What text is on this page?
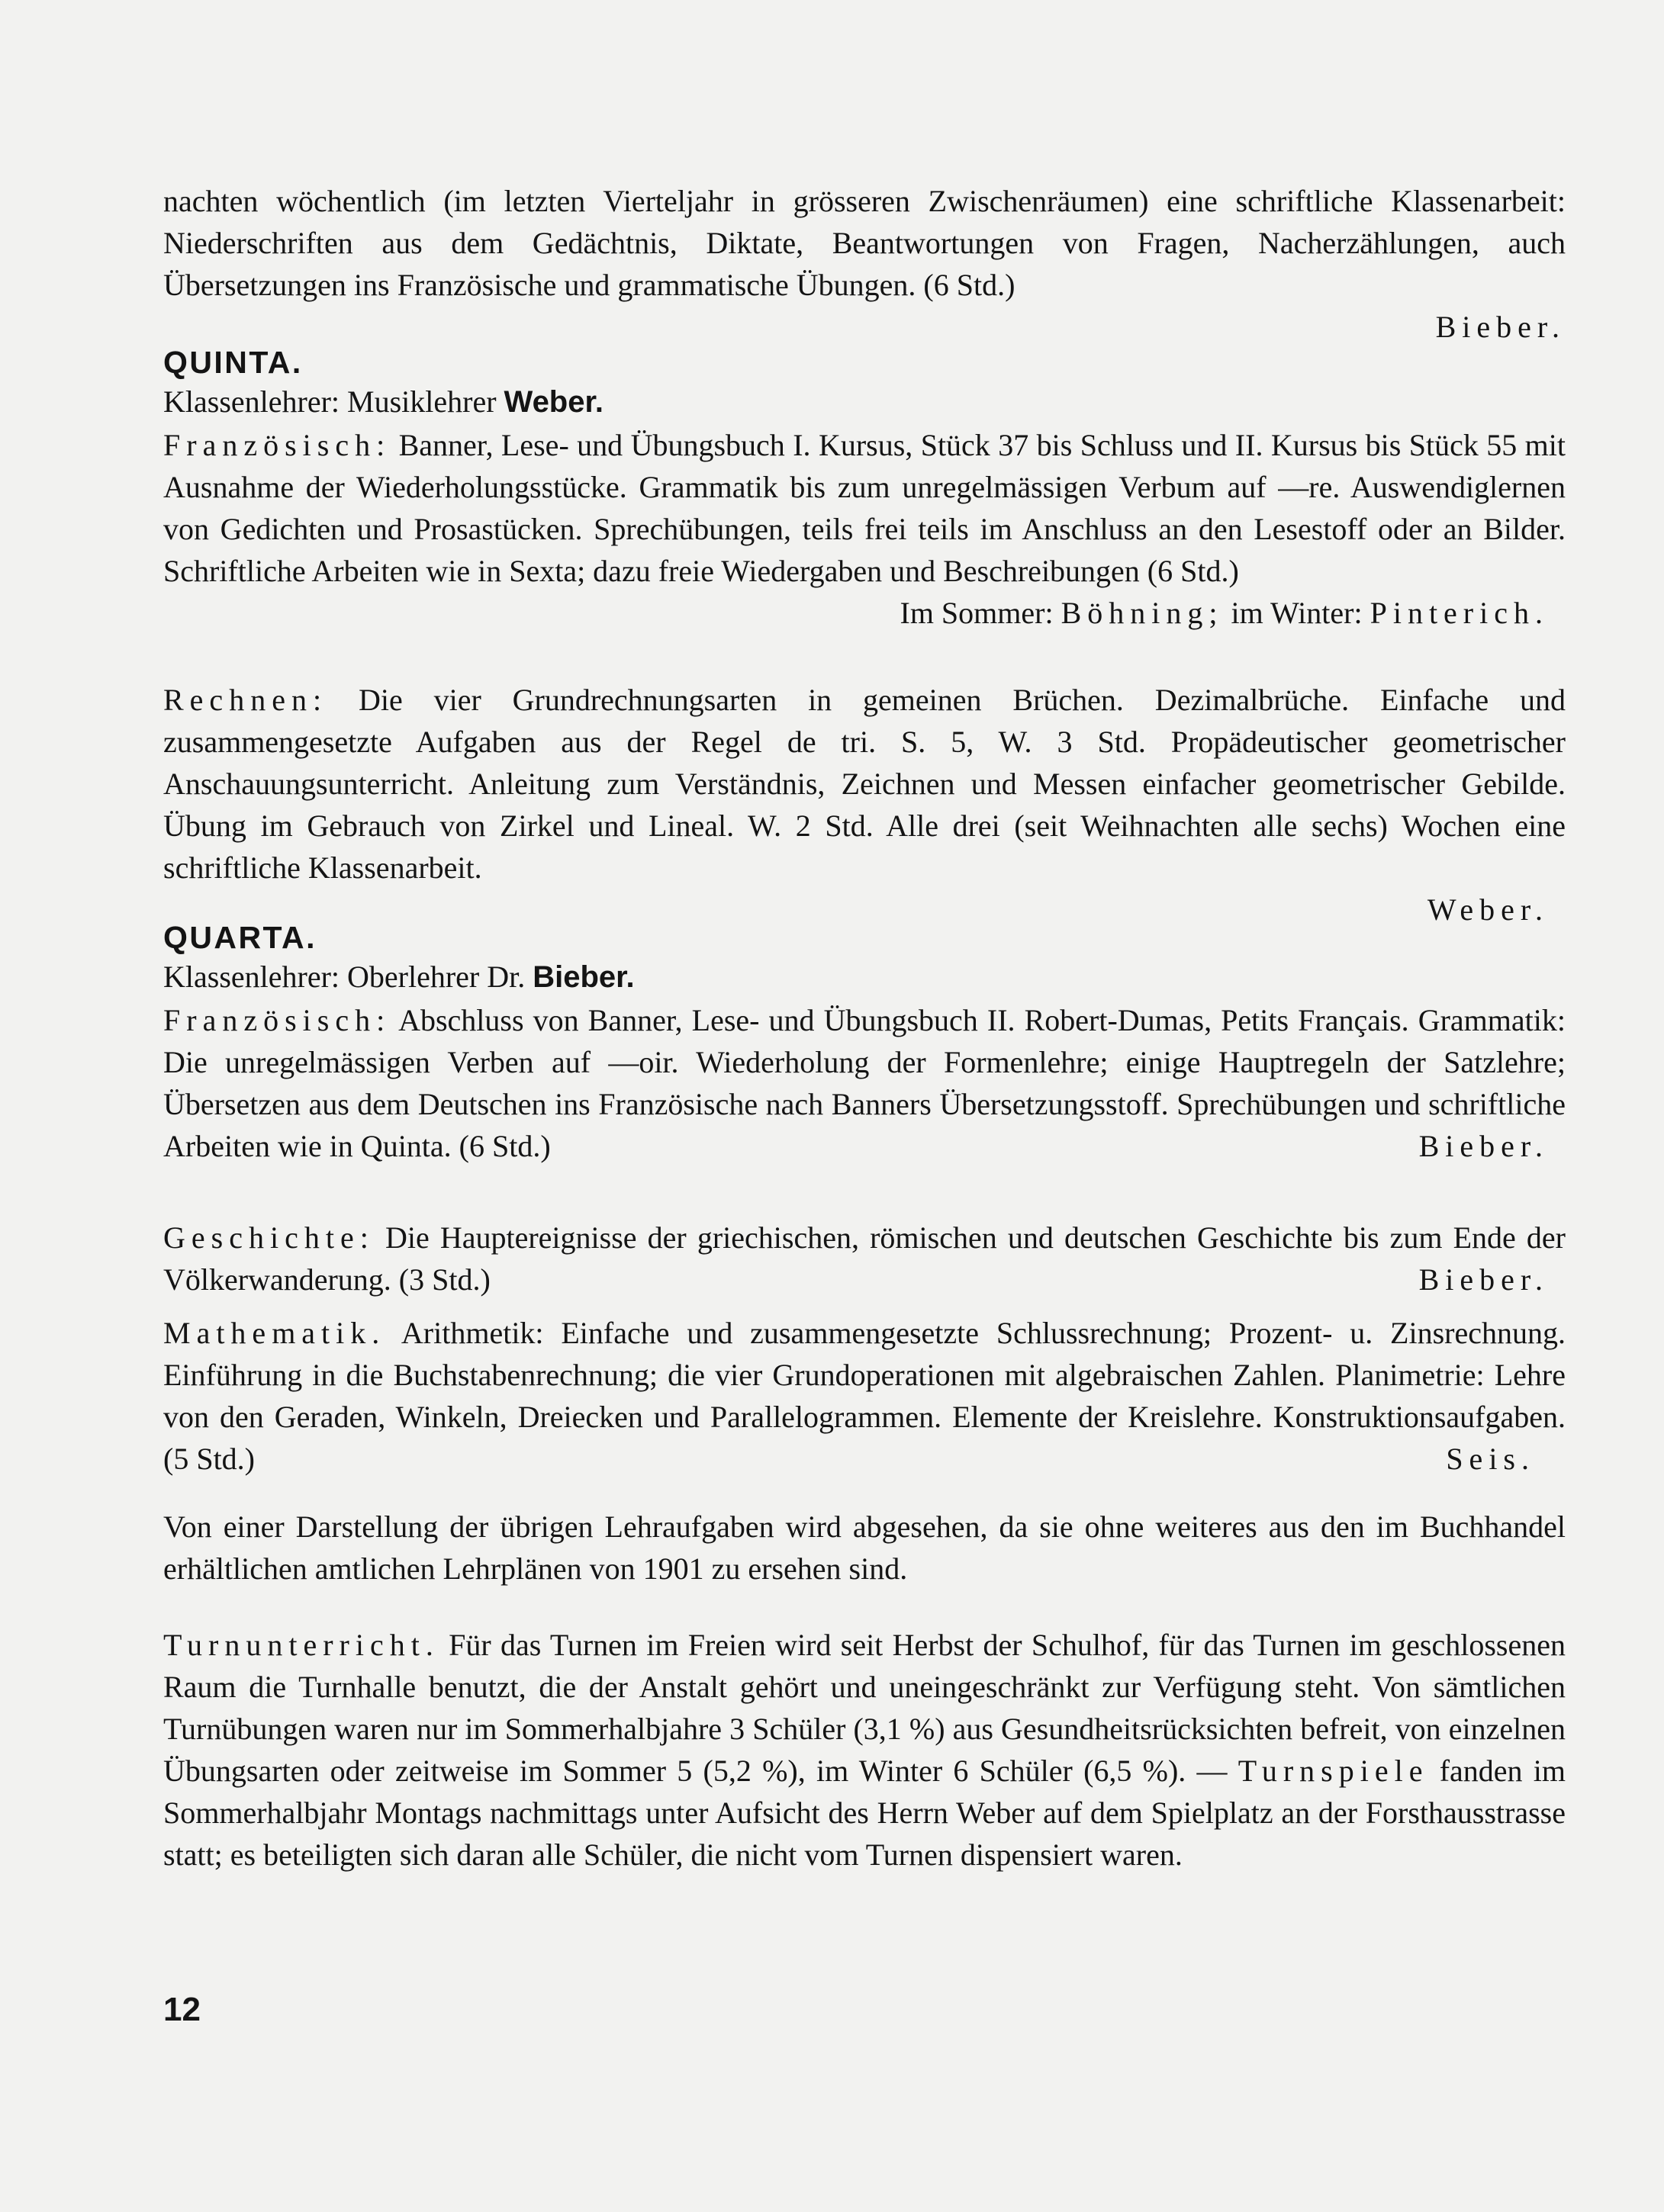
nachten wöchentlich (im letzten Vierteljahr in grösseren Zwischenräumen) eine schriftliche Klassenarbeit: Niederschriften aus dem Gedächtnis, Diktate, Beantwortungen von Fragen, Nacherzählungen, auch Übersetzungen ins Französische und grammatische Übungen. (6 Std.)

Bieber.
QUINTA.
Klassenlehrer: Musiklehrer Weber.

Französisch: Banner, Lese- und Übungsbuch I. Kursus, Stück 37 bis Schluss und II. Kursus bis Stück 55 mit Ausnahme der Wiederholungsstücke. Grammatik bis zum unregelmässigen Verbum auf —re. Auswendiglernen von Gedichten und Prosastücken. Sprechübungen, teils frei teils im Anschluss an den Lesestoff oder an Bilder. Schriftliche Arbeiten wie in Sexta; dazu freie Wiedergaben und Beschreibungen (6 Std.)

Im Sommer: Böhning; im Winter: Pinterich.

Rechnen: Die vier Grundrechnungsarten in gemeinen Brüchen. Dezimalbrüche. Einfache und zusammengesetzte Aufgaben aus der Regel de tri. S. 5, W. 3 Std. Propädeutischer geometrischer Anschauungsunterricht. Anleitung zum Verständnis, Zeichnen und Messen einfacher geometrischer Gebilde. Übung im Gebrauch von Zirkel und Lineal. W. 2 Std. Alle drei (seit Weihnachten alle sechs) Wochen eine schriftliche Klassenarbeit.

Weber.
QUARTA.
Klassenlehrer: Oberlehrer Dr. Bieber.

Französisch: Abschluss von Banner, Lese- und Übungsbuch II. Robert-Dumas, Petits Français. Grammatik: Die unregelmässigen Verben auf —oir. Wiederholung der Formenlehre; einige Hauptregeln der Satzlehre; Übersetzen aus dem Deutschen ins Französische nach Banners Übersetzungsstoff. Sprechübungen und schriftliche Arbeiten wie in Quinta. (6 Std.)	Bieber.

Geschichte: Die Hauptereignisse der griechischen, römischen und deutschen Geschichte bis zum Ende der Völkerwanderung. (3 Std.)	Bieber.

Mathematik. Arithmetik: Einfache und zusammengesetzte Schlussrechnung; Prozent- u. Zinsrechnung. Einführung in die Buchstabenrechnung; die vier Grundoperationen mit algebraischen Zahlen. Planimetrie: Lehre von den Geraden, Winkeln, Dreiecken und Parallelogrammen. Elemente der Kreislehre. Konstruktionsaufgaben. (5 Std.)	Seis.

Von einer Darstellung der übrigen Lehraufgaben wird abgesehen, da sie ohne weiteres aus den im Buchhandel erhältlichen amtlichen Lehrplänen von 1901 zu ersehen sind.

Turnunterricht. Für das Turnen im Freien wird seit Herbst der Schulhof, für das Turnen im geschlossenen Raum die Turnhalle benutzt, die der Anstalt gehört und uneingeschränkt zur Verfügung steht. Von sämtlichen Turnübungen waren nur im Sommerhalbjahre 3 Schüler (3,1 %) aus Gesundheitsrücksichten befreit, von einzelnen Übungsarten oder zeitweise im Sommer 5 (5,2 %), im Winter 6 Schüler (6,5 %). — Turnspiele fanden im Sommerhalbjahr Montags nachmittags unter Aufsicht des Herrn Weber auf dem Spielplatz an der Forsthausstrasse statt; es beteiligten sich daran alle Schüler, die nicht vom Turnen dispensiert waren.

12
